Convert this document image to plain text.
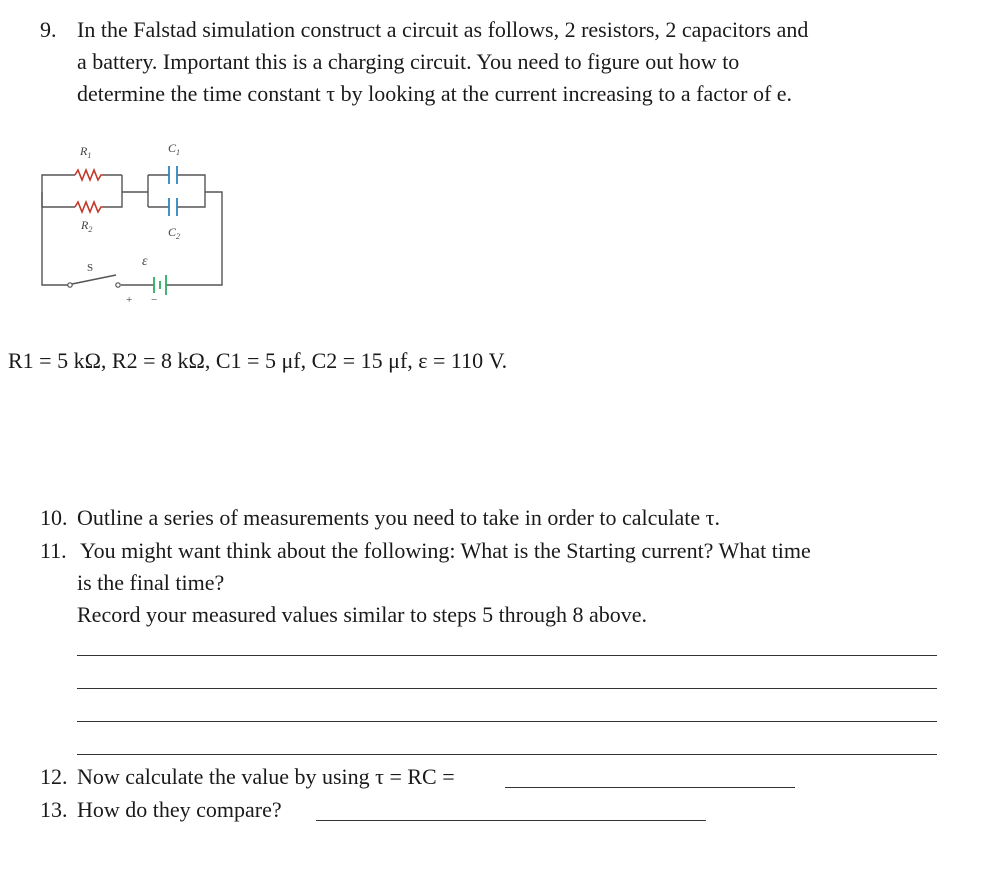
9. In the Falstad simulation construct a circuit as follows, 2 resistors, 2 capacitors and
a battery. Important this is a charging circuit. You need to figure out how to
determine the time constant τ by looking at the current increasing to a factor of e.
$R_1$
$R_2$
$C_1$
$C_2$
S	ε
+ −
R1 = 5 kΩ, R2 = 8 kΩ, C1 = 5 μf, C2 = 15 μf, ε = 110 V.
10. Outline a series of measurements you need to take in order to calculate τ.
11. You might want think about the following: What is the Starting current? What time
is the final time?
Record your measured values similar to steps 5 through 8 above.
12. Now calculate the value by using τ = RC =
13. How do they compare?
